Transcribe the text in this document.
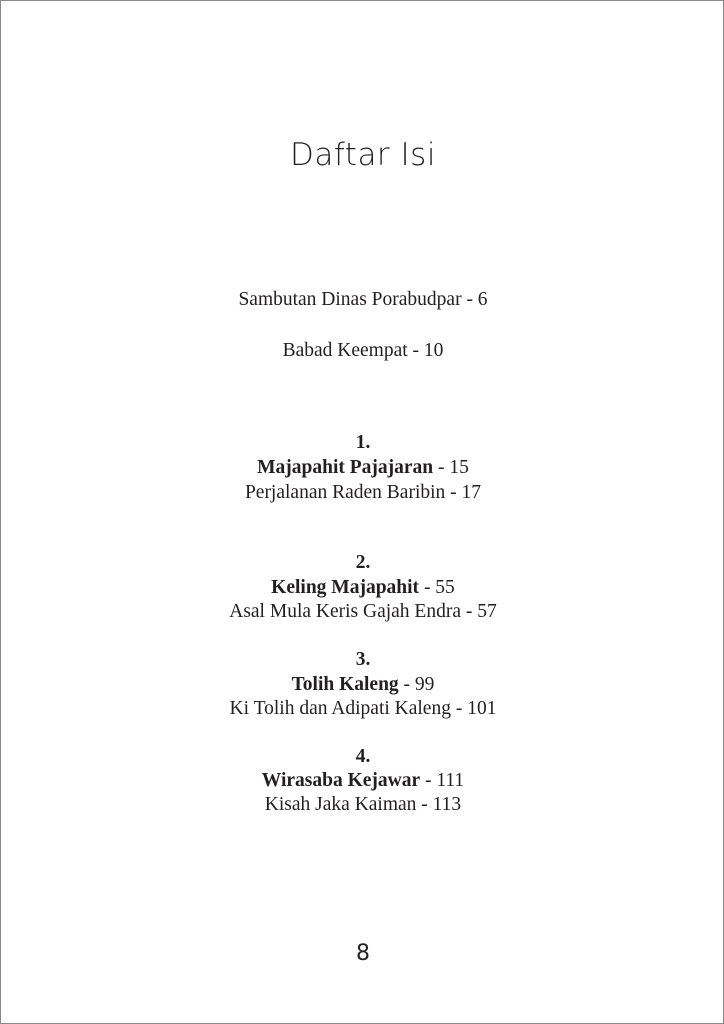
Daftar Isi
Sambutan Dinas Porabudpar - 6
Babad Keempat - 10
1.
Majapahit Pajajaran - 15
Perjalanan Raden Baribin - 17
2.
Keling Majapahit - 55
Asal Mula Keris Gajah Endra - 57
3.
Tolih Kaleng - 99
Ki Tolih dan Adipati Kaleng - 101
4.
Wirasaba Kejawar - 111
Kisah Jaka Kaiman - 113
8
